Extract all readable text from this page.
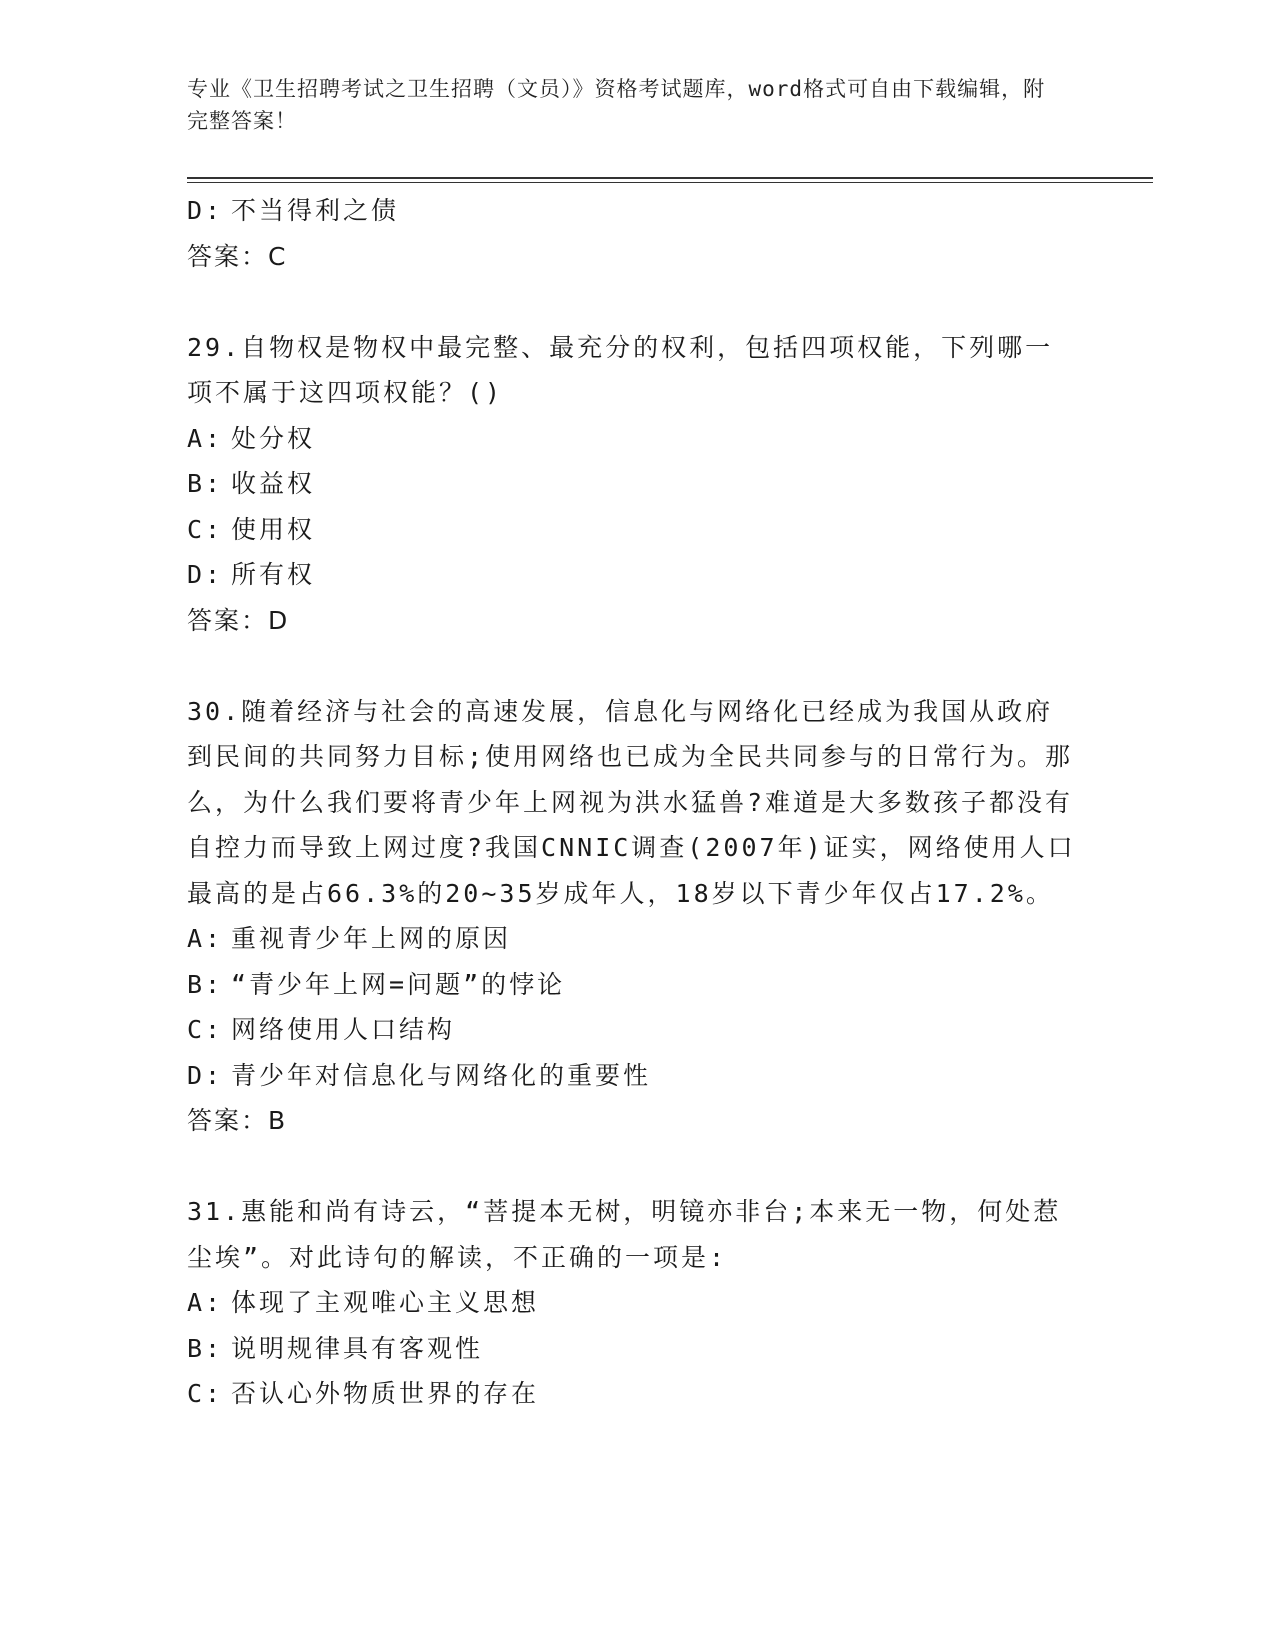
专业《卫生招聘考试之卫生招聘（文员）》资格考试题库，word格式可自由下载编辑，附完整答案！
D: 不当得利之债
答案：C
29.自物权是物权中最完整、最充分的权利，包括四项权能，下列哪一项不属于这四项权能？()
A: 处分权
B: 收益权
C: 使用权
D: 所有权
答案：D
30.随着经济与社会的高速发展，信息化与网络化已经成为我国从政府到民间的共同努力目标;使用网络也已成为全民共同参与的日常行为。那么，为什么我们要将青少年上网视为洪水猛兽?难道是大多数孩子都没有自控力而导致上网过度?我国CNNIC调查(2007年)证实，网络使用人口最高的是占66.3%的20~35岁成年人，18岁以下青少年仅占17.2%。
A: 重视青少年上网的原因
B: “青少年上网=问题”的悖论
C: 网络使用人口结构
D: 青少年对信息化与网络化的重要性
答案：B
31.惠能和尚有诗云，“菩提本无树，明镜亦非台;本来无一物，何处惹尘埃”。对此诗句的解读，不正确的一项是:
A: 体现了主观唯心主义思想
B: 说明规律具有客观性
C: 否认心外物质世界的存在
